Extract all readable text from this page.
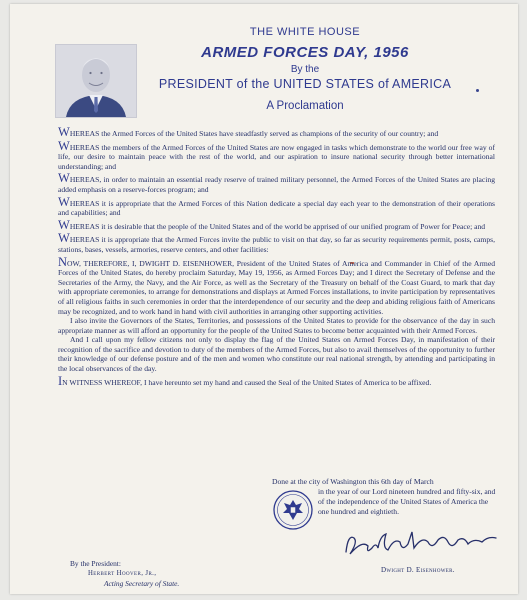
THE WHITE HOUSE
ARMED FORCES DAY, 1956
By the
PRESIDENT of the UNITED STATES of AMERICA
A Proclamation

WHEREAS the Armed Forces of the United States have steadfastly served as champions of the security of our country; and

WHEREAS the members of the Armed Forces of the United States are now engaged in tasks which demonstrate to the world our free way of life, our desire to maintain peace with the rest of the world, and our aspiration to insure national security through better international understanding; and

WHEREAS, in order to maintain an essential ready reserve of trained military personnel, the Armed Forces of the United States are placing added emphasis on a reserve-forces program; and

WHEREAS it is appropriate that the Armed Forces of this Nation dedicate a special day each year to the demonstration of their operations and capabilities; and

WHEREAS it is desirable that the people of the United States and of the world be apprised of our unified program of Power for Peace; and

WHEREAS it is appropriate that the Armed Forces invite the public to visit on that day, so far as security requirements permit, posts, camps, stations, bases, vessels, armories, reserve centers, and other facilities:

NOW, THEREFORE, I, DWIGHT D. EISENHOWER, President of the United States of America and Commander in Chief of the Armed Forces of the United States, do hereby proclaim Saturday, May 19, 1956, as Armed Forces Day; and I direct the Secretary of Defense and the Secretaries of the Army, the Navy, and the Air Force, as well as the Secretary of the Treasury on behalf of the Coast Guard, to mark that day with appropriate ceremonies, to arrange for demonstrations and displays at Armed Forces installations, to invite participation by representatives of all religious faiths in such ceremonies in order that the interdependence of our security and the deep and abiding religious faith of Americans may be recognized, and to work hand in hand with civil authorities in arranging other supporting activities.

I also invite the Governors of the States, Territories, and possessions of the United States to provide for the observance of the day in such appropriate manner as will afford an opportunity for the people of the United States to become better acquainted with their Armed Forces.

And I call upon my fellow citizens not only to display the flag of the United States on Armed Forces Day, in manifestation of their recognition of the sacrifice and devotion to duty of the members of the Armed Forces, but also to avail themselves of the opportunity to further their knowledge of our defense posture and of the men and women who constitute our real national strength, by attending and participating in the local observances of the day.

IN WITNESS WHEREOF, I have hereunto set my hand and caused the Seal of the United States of America to be affixed.

Done at the city of Washington this 6th day of March
in the year of our Lord nineteen hundred and fifty-six, and of the independence of the United States of America the one hundred and eightieth.
Dwight D. Eisenhower.
By the President:
Herbert Hoover, Jr.,
Acting Secretary of State.
